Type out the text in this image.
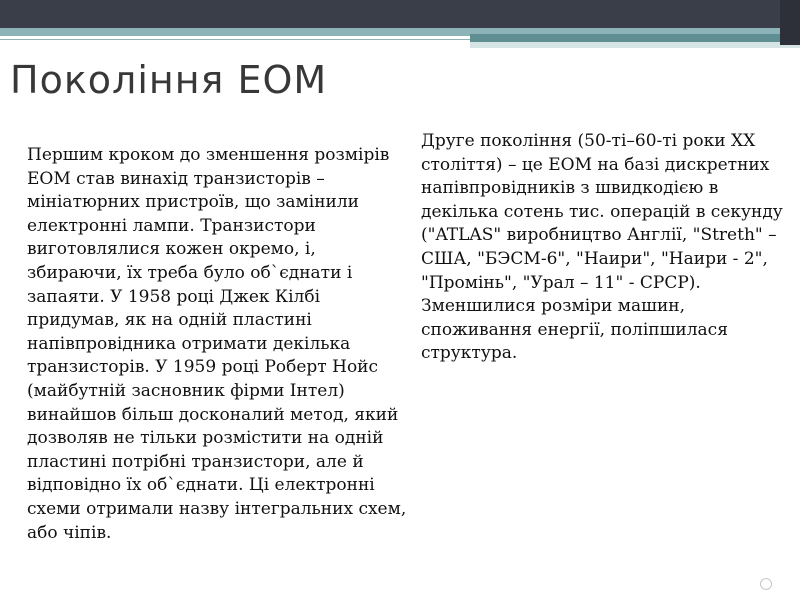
Покоління ЕОМ

Першим кроком до зменшення розмірів ЕОМ став винахід транзисторів – мініатюрних пристроїв, що замінили електронні лампи. Транзистори виготовлялися кожен окремо, і, збираючи, їх треба було об`єднати і запаяти. У 1958 році Джек Кілбі придумав, як на одній пластині напівпровідника отримати декілька транзисторів. У 1959 році Роберт Нойс (майбутній засновник фірми Інтел) винайшов більш досконалий метод, який дозволяв не тільки розмістити на одній пластині потрібні транзистори, але й відповідно їх об`єднати. Ці електронні схеми отримали назву інтегральних схем, або чіпів.

Друге покоління (50-ті–60-ті роки XX століття) – це ЕОМ на базі дискретних напівпровідників з швидкодією в декілька сотень тис. операцій в секунду ("ATLAS" виробництво Англії, "Streth" – США, "БЭСМ-6", "Наири", "Наири - 2", "Промінь", "Урал – 11" - СРСР). Зменшилися розміри машин, споживання енергії, поліпшилася структура.
